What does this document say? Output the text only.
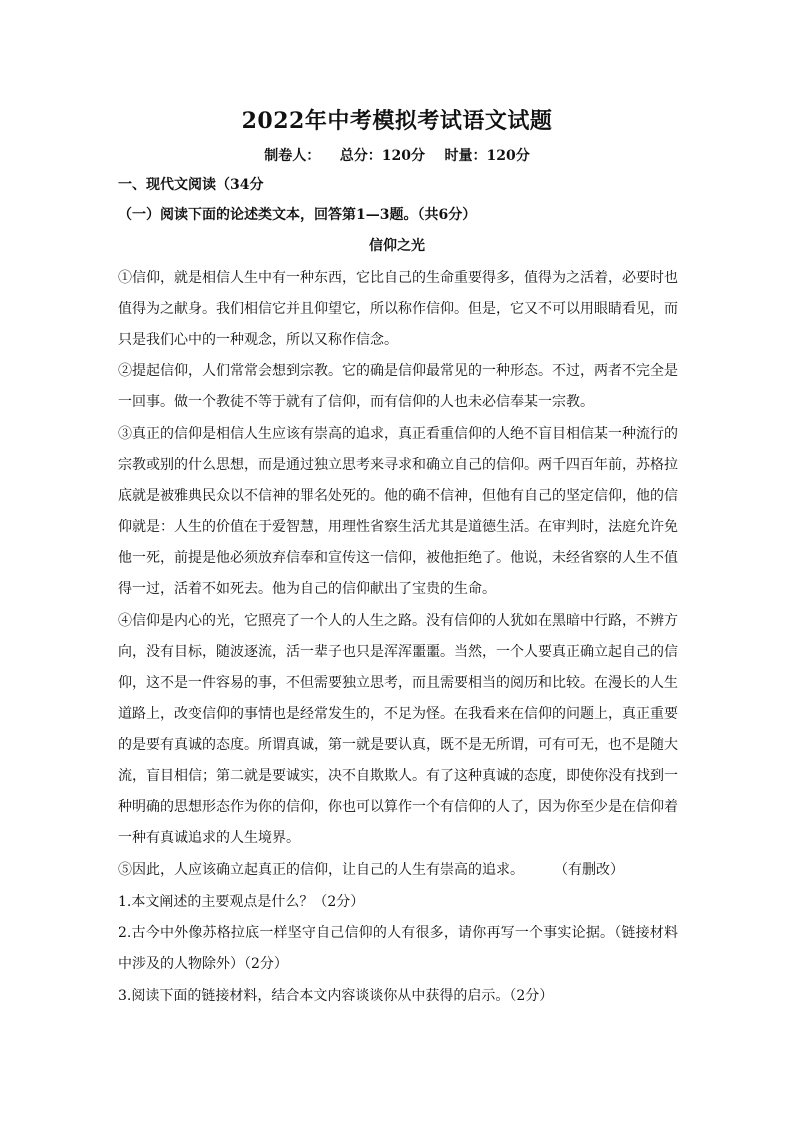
2022年中考模拟考试语文试题
制卷人： 总分：120分 时量：120分
一、现代文阅读（34分
（一）阅读下面的论述类文本，回答第1—3题。（共6分）
信仰之光
①信仰，就是相信人生中有一种东西，它比自己的生命重要得多，值得为之活着，必要时也
值得为之献身。我们相信它并且仰望它，所以称作信仰。但是，它又不可以用眼睛看见，而
只是我们心中的一种观念，所以又称作信念。
②提起信仰，人们常常会想到宗教。它的确是信仰最常见的一种形态。不过，两者不完全是
一回事。做一个教徒不等于就有了信仰，而有信仰的人也未必信奉某一宗教。
③真正的信仰是相信人生应该有崇高的追求，真正看重信仰的人绝不盲目相信某一种流行的
宗教或别的什么思想，而是通过独立思考来寻求和确立自己的信仰。两千四百年前，苏格拉
底就是被雅典民众以不信神的罪名处死的。他的确不信神，但他有自己的坚定信仰，他的信
仰就是：人生的价值在于爱智慧，用理性省察生活尤其是道德生活。在审判时，法庭允许免
他一死，前提是他必须放弃信奉和宣传这一信仰，被他拒绝了。他说，未经省察的人生不值
得一过，活着不如死去。他为自己的信仰献出了宝贵的生命。
④信仰是内心的光，它照亮了一个人的人生之路。没有信仰的人犹如在黑暗中行路，不辨方
向，没有目标，随波逐流，活一辈子也只是浑浑噩噩。当然，一个人要真正确立起自己的信
仰，这不是一件容易的事，不但需要独立思考，而且需要相当的阅历和比较。在漫长的人生
道路上，改变信仰的事情也是经常发生的，不足为怪。在我看来在信仰的问题上，真正重要
的是要有真诚的态度。所谓真诚，第一就是要认真，既不是无所谓，可有可无，也不是随大
流，盲目相信；第二就是要诚实，决不自欺欺人。有了这种真诚的态度，即使你没有找到一
种明确的思想形态作为你的信仰，你也可以算作一个有信仰的人了，因为你至少是在信仰着
一种有真诚追求的人生境界。
⑤因此，人应该确立起真正的信仰，让自己的人生有崇高的追求。 （有删改）
1.本文阐述的主要观点是什么？（2分）
2.古今中外像苏格拉底一样坚守自己信仰的人有很多，请你再写一个事实论据。（链接材料
中涉及的人物除外）（2分）
3.阅读下面的链接材料，结合本文内容谈谈你从中获得的启示。（2分）
